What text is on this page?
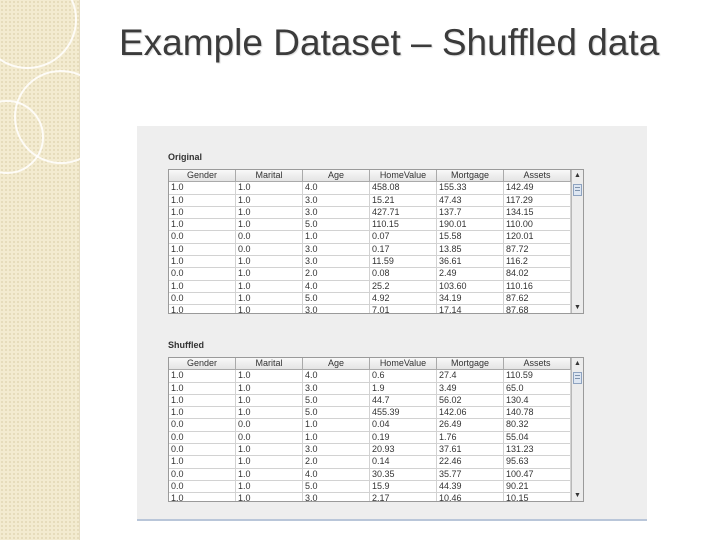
Example Dataset – Shuffled data
Original
Gender	Marital	Age	HomeValue	Mortgage	Assets
1.0	1.0	4.0	458.08	155.33	142.49
1.0	1.0	3.0	15.21	47.43	117.29
1.0	1.0	3.0	427.71	137.7	134.15
1.0	1.0	5.0	110.15	190.01	110.00
0.0	0.0	1.0	0.07	15.58	120.01
1.0	0.0	3.0	0.17	13.85	87.72
1.0	1.0	3.0	11.59	36.61	116.2
0.0	1.0	2.0	0.08	2.49	84.02
1.0	1.0	4.0	25.2	103.60	110.16
0.0	1.0	5.0	4.92	34.19	87.62
1.0	1.0	3.0	7.01	17.14	87.68
▲
▼
Shuffled
Gender	Marital	Age	HomeValue	Mortgage	Assets
1.0	1.0	4.0	0.6	27.4	110.59
1.0	1.0	3.0	1.9	3.49	65.0
1.0	1.0	5.0	44.7	56.02	130.4
1.0	1.0	5.0	455.39	142.06	140.78
0.0	0.0	1.0	0.04	26.49	80.32
0.0	0.0	1.0	0.19	1.76	55.04
0.0	1.0	3.0	20.93	37.61	131.23
1.0	1.0	2.0	0.14	22.46	95.63
0.0	1.0	4.0	30.35	35.77	100.47
0.0	1.0	5.0	15.9	44.39	90.21
1.0	1.0	3.0	2.17	10.46	10.15
▲
▼
